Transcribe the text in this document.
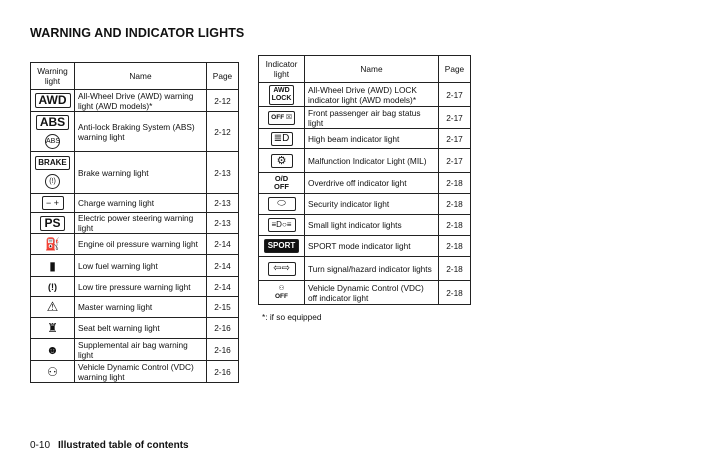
WARNING AND INDICATOR LIGHTS
Warning light	Name	Page
AWD	All-Wheel Drive (AWD) warning light (AWD models)*	2-12

ABS
ABS	Anti-lock Braking System (ABS) warning light	2-12

BRAKE
(!)	Brake warning light	2-13
− +	Charge warning light	2-13
PS	Electric power steering warning light	2-13
⛽	Engine oil pressure warning light	2-14
▮	Low fuel warning light	2-14
(!)	Low tire pressure warning light	2-14
⚠	Master warning light	2-15
♜	Seat belt warning light	2-16
☻	Supplemental air bag warning light	2-16
⚇	Vehicle Dynamic Control (VDC) warning light	2-16
Indicator light	Name	Page
AWD
LOCK	All-Wheel Drive (AWD) LOCK indicator light (AWD models)*	2-17
OFF ☒	Front passenger air bag status light	2-17
≣D	High beam indicator light	2-17
⚙	Malfunction Indicator Light (MIL)	2-17
O/D
OFF	Overdrive off indicator light	2-18
⬭	Security indicator light	2-18
≡D○≡	Small light indicator lights	2-18
SPORT	SPORT mode indicator light	2-18
⇦⇨	Turn signal/hazard indicator lights	2-18
⚇
OFF	Vehicle Dynamic Control (VDC) off indicator light	2-18
*: if so equipped
0-10 Illustrated table of contents
